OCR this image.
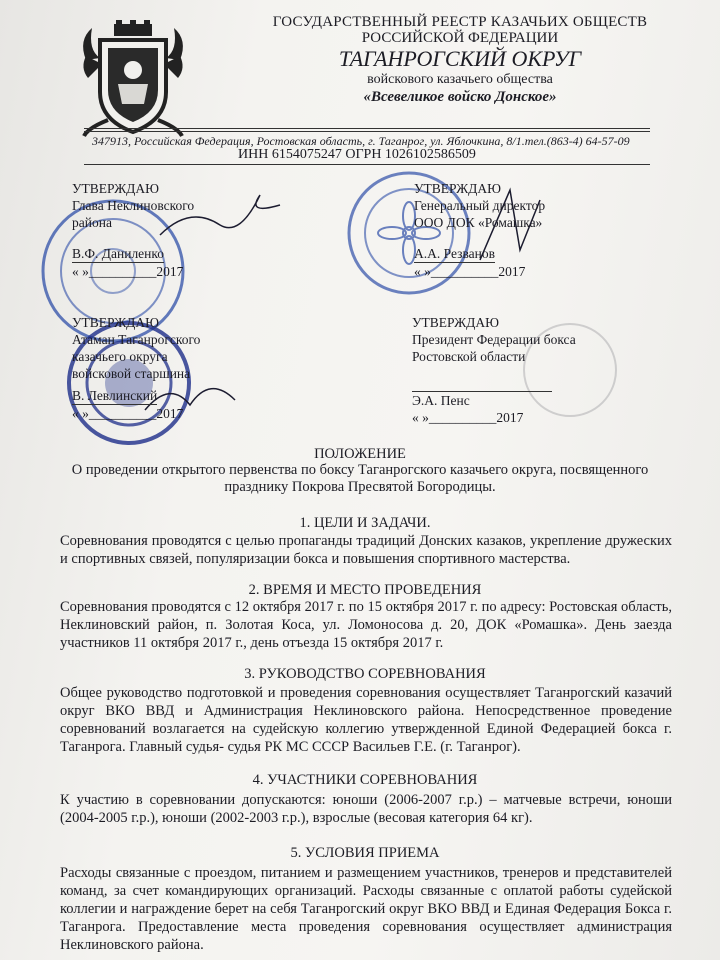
ГОСУДАРСТВЕННЫЙ РЕЕСТР КАЗАЧЬИХ ОБЩЕСТВ
РОССИЙСКОЙ ФЕДЕРАЦИИ
ТАГАНРОГСКИЙ ОКРУГ
войскового казачьего общества
«Всевеликое войско Донское»
347913, Российская Федерация, Ростовская область, г. Таганрог, ул. Яблочкина, 8/1.тел.(863-4) 64-57-09
ИНН 6154075247 ОГРН 1026102586509
УТВЕРЖДАЮ
Глава Неклиновского
района
В.Ф. Даниленко
« »__________2017
УТВЕРЖДАЮ
Генеральный директор
ООО ДОК «Ромашка»
А.А. Резванов
« »__________2017
УТВЕРЖДАЮ
Атаман Таганрогского
казачьего округа
войсковой старшина
В. Левлинский
« »__________2017
УТВЕРЖДАЮ
Президент Федерации бокса
Ростовской области
Э.А. Пенс
« »__________2017
ПОЛОЖЕНИЕ
О проведении открытого первенства по боксу Таганрогского казачьего округа, посвященного
празднику Покрова Пресвятой Богородицы.
1. ЦЕЛИ И ЗАДАЧИ.
Соревнования проводятся с целью пропаганды традиций Донских казаков, укрепление дружеских и спортивных связей, популяризации бокса и повышения спортивного мастерства.
2. ВРЕМЯ И МЕСТО ПРОВЕДЕНИЯ
Соревнования проводятся с 12 октября 2017 г. по 15 октября 2017 г. по адресу: Ростовская область, Неклиновский район, п. Золотая Коса, ул. Ломоносова д. 20, ДОК «Ромашка». День заезда участников 11 октября 2017 г., день отъезда 15 октября 2017 г.
3. РУКОВОДСТВО СОРЕВНОВАНИЯ
Общее руководство подготовкой и проведения соревнования осуществляет Таганрогский казачий округ ВКО ВВД и Администрация Неклиновского района. Непосредственное проведение соревнований возлагается на судейскую коллегию утвержденной Единой Федерацией бокса г. Таганрога. Главный судья- судья РК МС СССР Васильев Г.Е. (г. Таганрог).
4. УЧАСТНИКИ СОРЕВНОВАНИЯ
К участию в соревновании допускаются: юноши (2006-2007 г.р.) – матчевые встречи, юноши (2004-2005 г.р.), юноши (2002-2003 г.р.), взрослые (весовая категория 64 кг).
5. УСЛОВИЯ ПРИЕМА
Расходы связанные с проездом, питанием и размещением участников, тренеров и представителей команд, за счет командирующих организаций. Расходы связанные с оплатой работы судейской коллегии и награждение берет на себя Таганрогский округ ВКО ВВД и Единая Федерация Бокса г. Таганрога. Предоставление места проведения соревнования осуществляет администрация Неклиновского района.
